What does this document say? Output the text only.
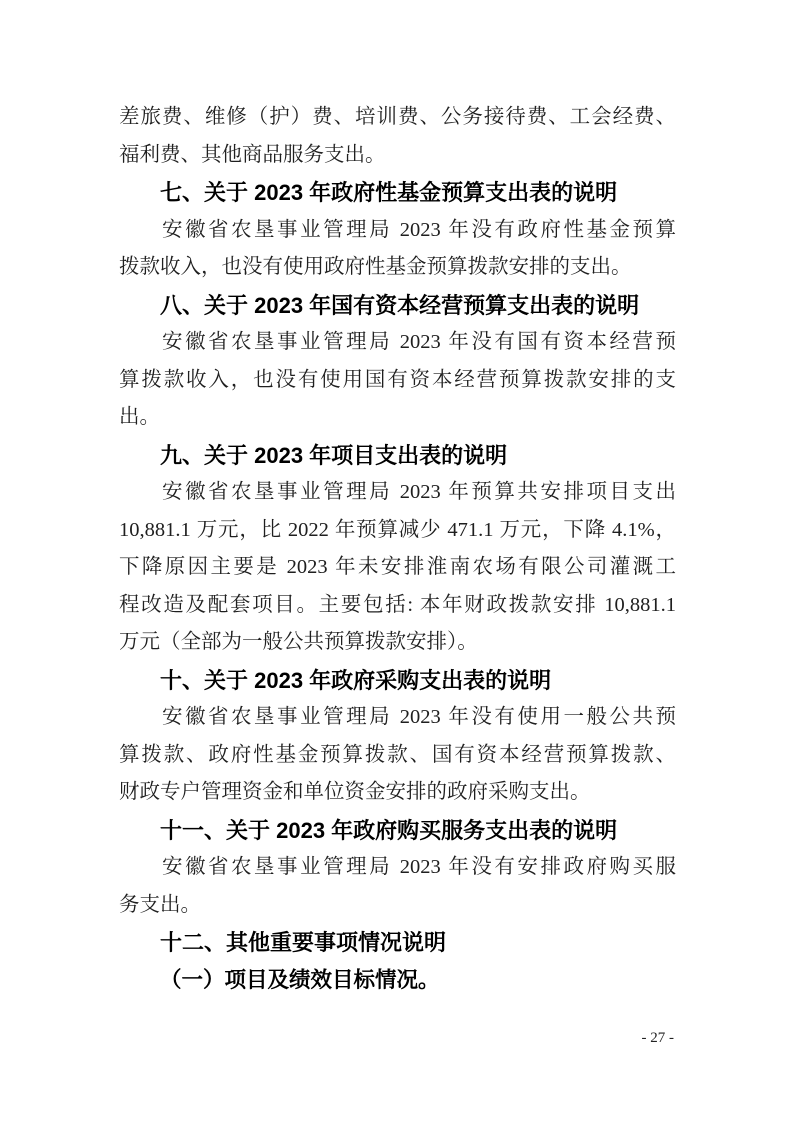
差旅费、维修（护）费、培训费、公务接待费、工会经费、
福利费、其他商品服务支出。
七、关于 2023 年政府性基金预算支出表的说明
安徽省农垦事业管理局 2023 年没有政府性基金预算
拨款收入，也没有使用政府性基金预算拨款安排的支出。
八、关于 2023 年国有资本经营预算支出表的说明
安徽省农垦事业管理局 2023 年没有国有资本经营预
算拨款收入，也没有使用国有资本经营预算拨款安排的支
出。
九、关于 2023 年项目支出表的说明
安徽省农垦事业管理局 2023 年预算共安排项目支出
10,881.1 万元，比 2022 年预算减少 471.1 万元，下降 4.1%，
下降原因主要是 2023 年未安排淮南农场有限公司灌溉工
程改造及配套项目。主要包括: 本年财政拨款安排 10,881.1
万元（全部为一般公共预算拨款安排）。
十、关于 2023 年政府采购支出表的说明
安徽省农垦事业管理局 2023 年没有使用一般公共预
算拨款、政府性基金预算拨款、国有资本经营预算拨款、
财政专户管理资金和单位资金安排的政府采购支出。
十一、关于 2023 年政府购买服务支出表的说明
安徽省农垦事业管理局 2023 年没有安排政府购买服
务支出。
十二、其他重要事项情况说明
（一）项目及绩效目标情况。
- 27 -
